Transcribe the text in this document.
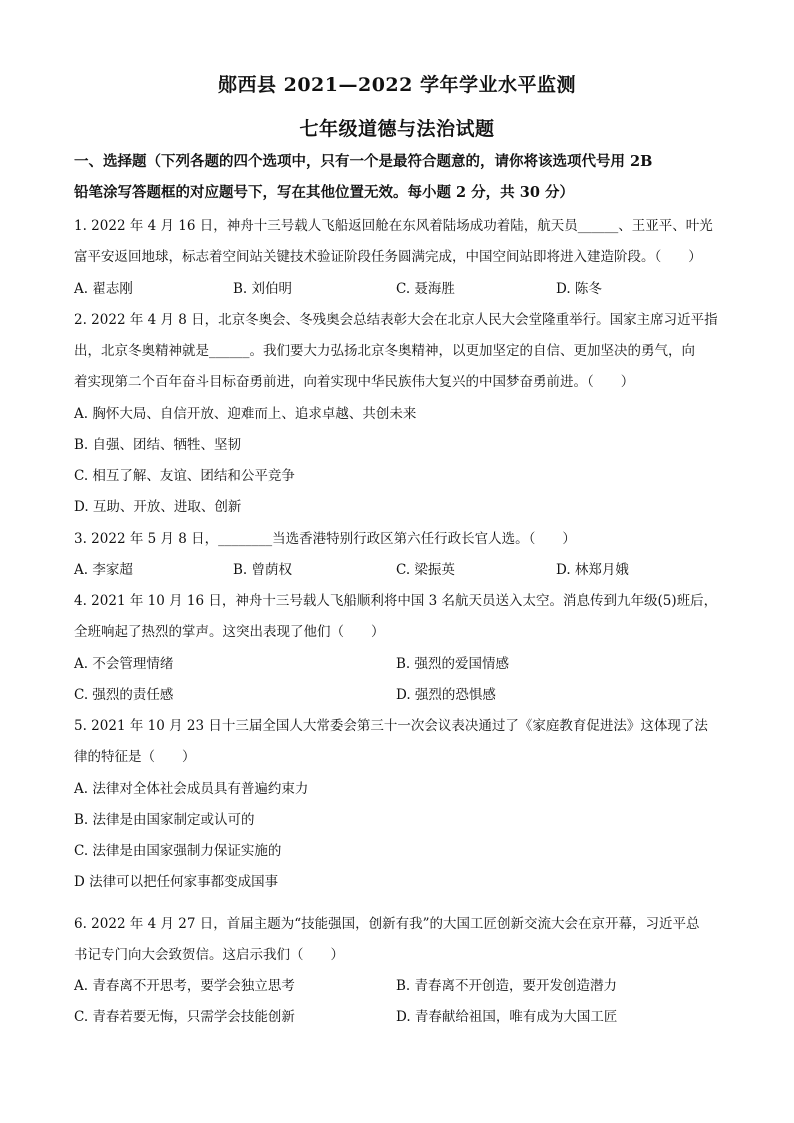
郧西县 2021—2022 学年学业水平监测
七年级道德与法治试题
一、选择题（下列各题的四个选项中，只有一个是最符合题意的，请你将该选项代号用 2B
铅笔涂写答题框的对应题号下，写在其他位置无效。每小题 2 分，共 30 分）
1. 2022 年 4 月 16 日，神舟十三号载人飞船返回舱在东风着陆场成功着陆，航天员______、王亚平、叶光
富平安返回地球，标志着空间站关键技术验证阶段任务圆满完成，中国空间站即将进入建造阶段。（　　）
A. 翟志刚	B. 刘伯明	C. 聂海胜	D. 陈冬
2. 2022 年 4 月 8 日，北京冬奥会、冬残奥会总结表彰大会在北京人民大会堂隆重举行。国家主席习近平指
出，北京冬奥精神就是______。我们要大力弘扬北京冬奥精神，以更加坚定的自信、更加坚决的勇气，向
着实现第二个百年奋斗目标奋勇前进，向着实现中华民族伟大复兴的中国梦奋勇前进。（　　）
A. 胸怀大局、自信开放、迎难而上、追求卓越、共创未来
B. 自强、团结、牺牲、坚韧
C. 相互了解、友谊、团结和公平竞争
D. 互助、开放、进取、创新
3. 2022 年 5 月 8 日，________当选香港特别行政区第六任行政长官人选。（　　）
A. 李家超	B. 曾荫权	C. 梁振英	D. 林郑月娥
4. 2021 年 10 月 16 日，神舟十三号载人飞船顺利将中国 3 名航天员送入太空。消息传到九年级(5)班后，
全班响起了热烈的掌声。这突出表现了他们（　　）
A. 不会管理情绪	B. 强烈的爱国情感
C. 强烈的责任感	D. 强烈的恐惧感
5. 2021 年 10 月 23 日十三届全国人大常委会第三十一次会议表决通过了《家庭教育促进法》这体现了法
律的特征是（　　）
A. 法律对全体社会成员具有普遍约束力
B. 法律是由国家制定或认可的
C. 法律是由国家强制力保证实施的
D 法律可以把任何家事都变成国事
6. 2022 年 4 月 27 日，首届主题为“技能强国，创新有我”的大国工匠创新交流大会在京开幕，习近平总
书记专门向大会致贺信。这启示我们（　　）
A. 青春离不开思考，要学会独立思考	B. 青春离不开创造，要开发创造潜力
C. 青春若要无悔，只需学会技能创新	D. 青春献给祖国，唯有成为大国工匠
